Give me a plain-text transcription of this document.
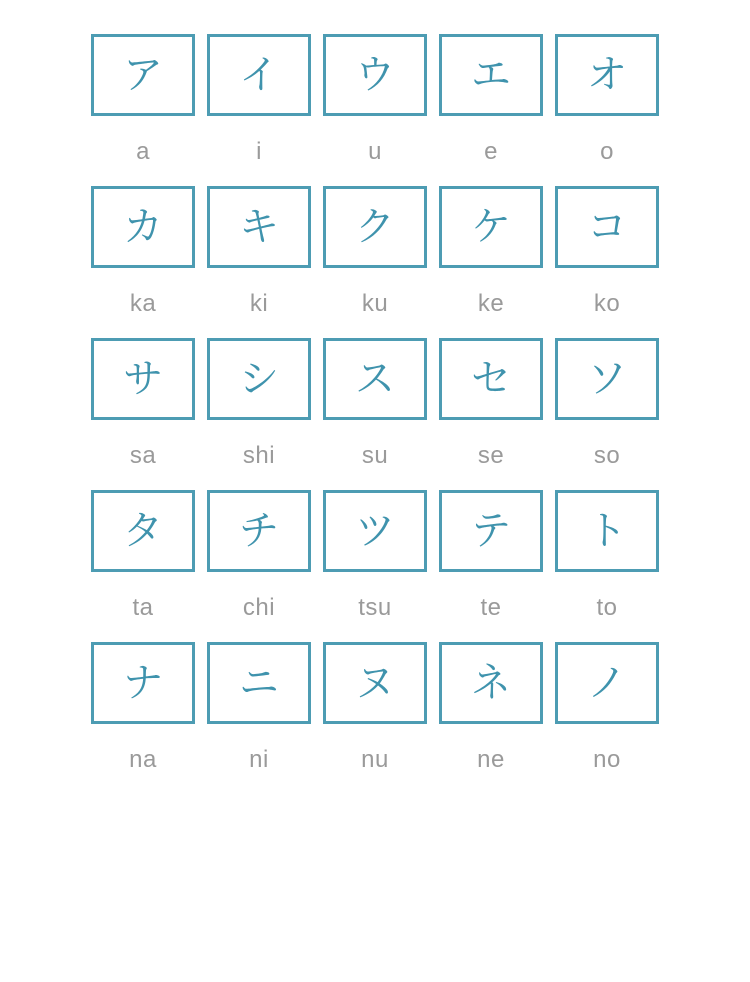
ア
a
イ
i
ウ
u
エ
e
オ
o
カ
ka
キ
ki
ク
ku
ケ
ke
コ
ko
サ
sa
シ
shi
ス
su
セ
se
ソ
so
タ
ta
チ
chi
ツ
tsu
テ
te
ト
to
ナ
na
ニ
ni
ヌ
nu
ネ
ne
ノ
no
